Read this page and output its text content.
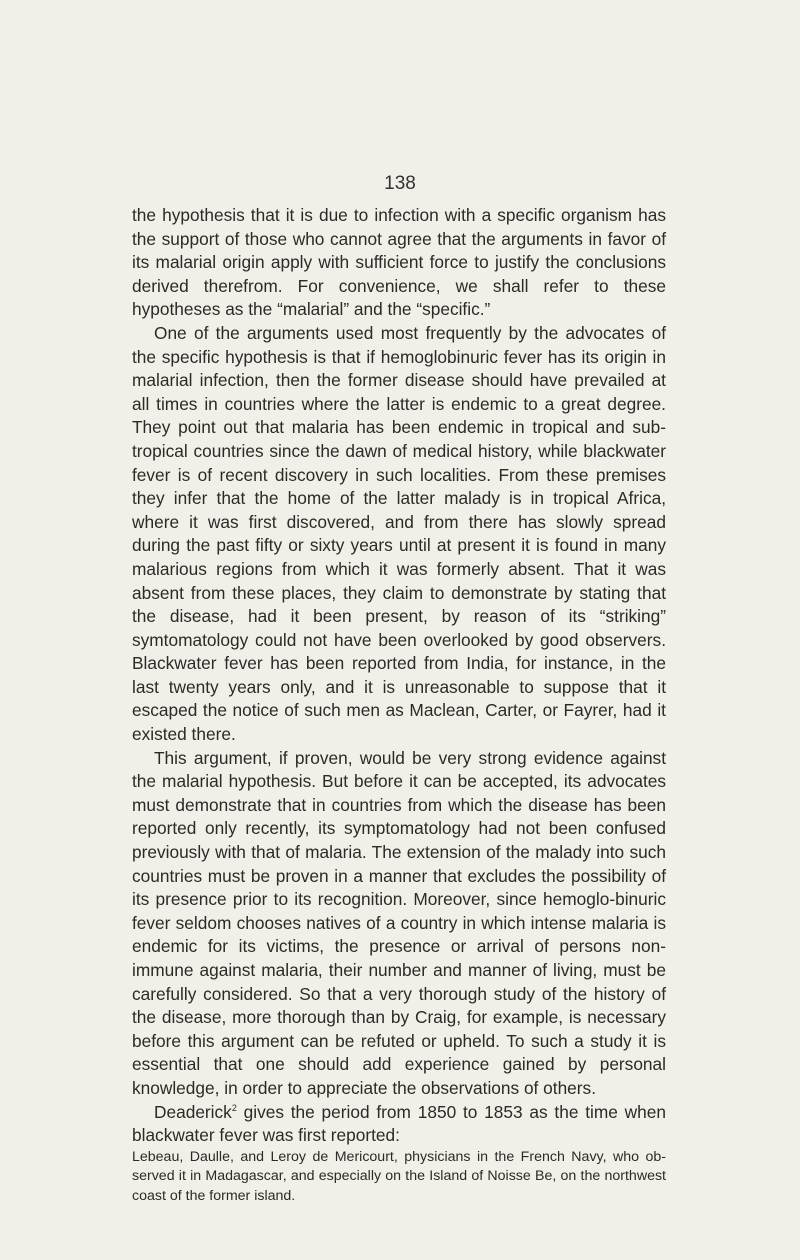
138

the hypothesis that it is due to infection with a specific organism has the support of those who cannot agree that the arguments in favor of its malarial origin apply with sufficient force to justify the conclusions derived therefrom. For convenience, we shall refer to these hypotheses as the “malarial” and the “specific.”

One of the arguments used most frequently by the advocates of the specific hypothesis is that if hemoglobinuric fever has its origin in malarial infection, then the former disease should have prevailed at all times in countries where the latter is endemic to a great degree. They point out that malaria has been endemic in tropical and sub-tropical countries since the dawn of medical history, while blackwater fever is of recent discovery in such localities. From these premises they infer that the home of the latter malady is in tropical Africa, where it was first discovered, and from there has slowly spread during the past fifty or sixty years until at present it is found in many malarious regions from which it was formerly absent. That it was absent from these places, they claim to demonstrate by stating that the disease, had it been present, by reason of its “striking” symtomatology could not have been overlooked by good observers. Blackwater fever has been reported from India, for instance, in the last twenty years only, and it is unreasonable to suppose that it escaped the notice of such men as Maclean, Carter, or Fayrer, had it existed there.

This argument, if proven, would be very strong evidence against the malarial hypothesis. But before it can be accepted, its advocates must demonstrate that in countries from which the disease has been reported only recently, its symptomatology had not been confused previously with that of malaria. The extension of the malady into such countries must be proven in a manner that excludes the possibility of its presence prior to its recognition. Moreover, since hemoglo-binuric fever seldom chooses natives of a country in which intense malaria is endemic for its victims, the presence or arrival of persons non-immune against malaria, their number and manner of living, must be carefully considered. So that a very thorough study of the history of the disease, more thorough than by Craig, for example, is necessary before this argument can be refuted or upheld. To such a study it is essential that one should add experience gained by personal knowledge, in order to appreciate the observations of others.

Deaderick$^2$ gives the period from 1850 to 1853 as the time when blackwater fever was first reported:

Lebeau, Daulle, and Leroy de Mericourt, physicians in the French Navy, who ob-served it in Madagascar, and especially on the Island of Noisse Be, on the northwest coast of the former island.
